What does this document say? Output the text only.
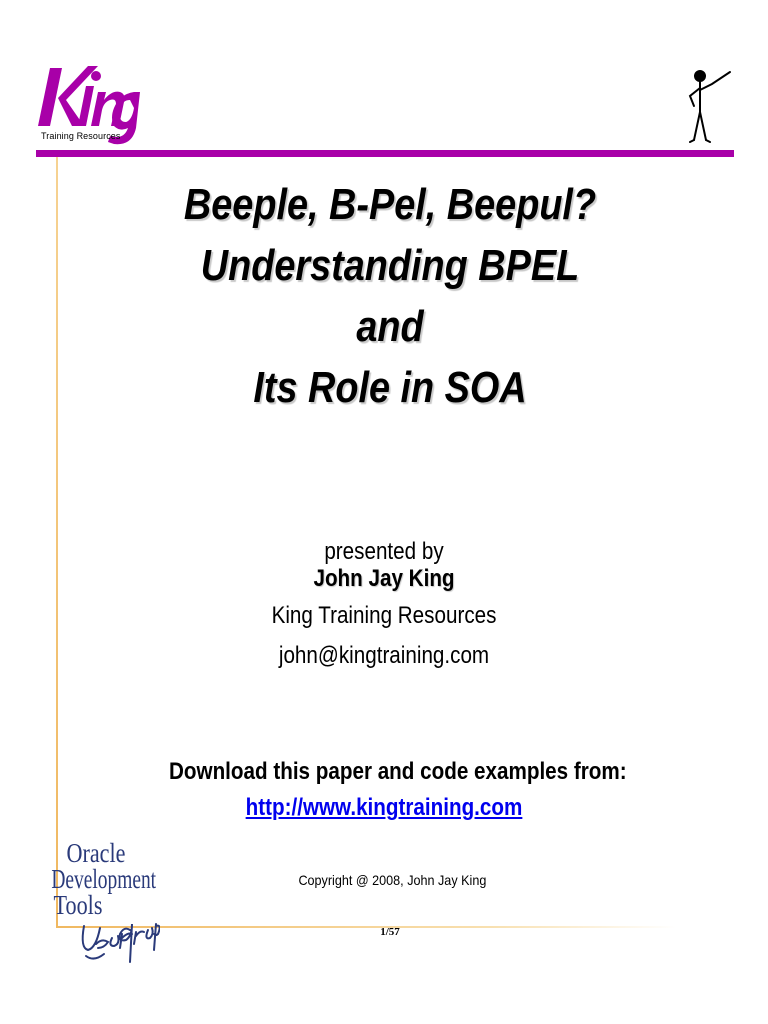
Training Resources
Beeple, B-Pel, Beepul?
Understanding BPEL
and
Its Role in SOA
presented by
John Jay King
King Training Resources
john@kingtraining.com
Download this paper and code examples from:
http://www.kingtraining.com
Copyright @ 2008, John Jay King
1/57
Oracle
Development
Tools
